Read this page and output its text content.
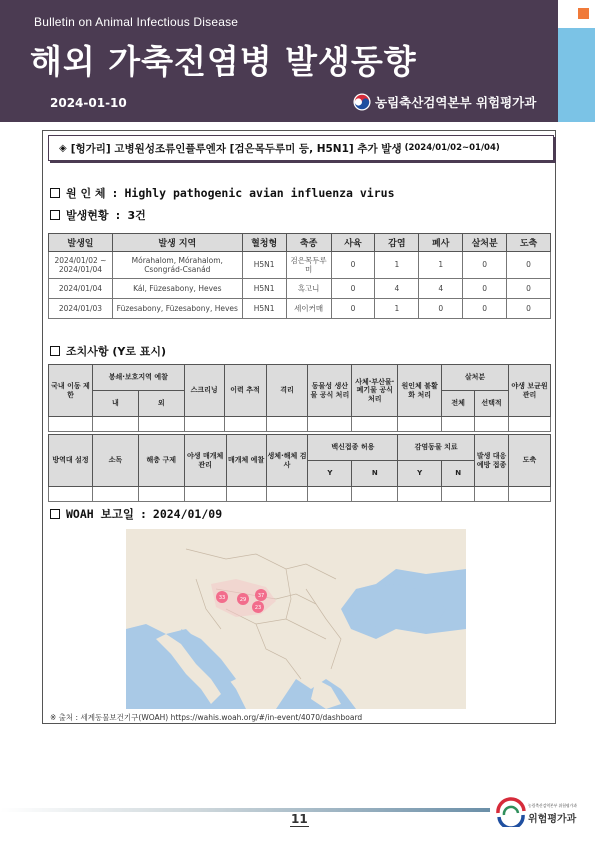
Bulletin on Animal Infectious Disease
해외 가축전염병 발생동향
2024-01-10	농림축산검역본부 위험평가과
◈ [헝가리] 고병원성조류인플루엔자 [검은목두루미 등, H5N1] 추가 발생 (2024/01/02~01/04)
원 인 체 : Highly pathogenic avian influenza virus
발생현황 : 3건
발생일	발생 지역	혈청형	축종	사육	감염	폐사	살처분	도축
2024/01/02 ~ 2024/01/04	Mórahalom, Mórahalom, Csongrád-Csanád	H5N1	검은목두루미	0	1	1	0	0
2024/01/04	Kál, Füzesabony, Heves	H5N1	흑고니	0	4	4	0	0
2024/01/03	Füzesabony, Füzesabony, Heves	H5N1	세이커매	0	1	0	0	0
조치사항 (Y로 표시)
국내 이동 제한	봉쇄·보호지역 예찰		스크리닝	이력 추적	격리	동물성 생산물 공식 처리	사체·부산물·폐기물 공식 처리	원인체 불활화 처리	살처분		야생 보균원 관리
	내	외							전체	선택적	

방역대 설정	소독	해충 구제	야생 매개체 관리	매개체 예찰	생체·해체 검사	백신접종 허용		감염동물 치료		발생 대응 예방 접종	도축
						Y	N	Y	N		

WOAH 보고일 : 2024/01/09
33	37
29
23
※ 출처 : 세계동물보건기구(WOAH) https://wahis.woah.org/#/in-event/4070/dashboard
11
농림축산검역본부 위험평가과
위험평가과
